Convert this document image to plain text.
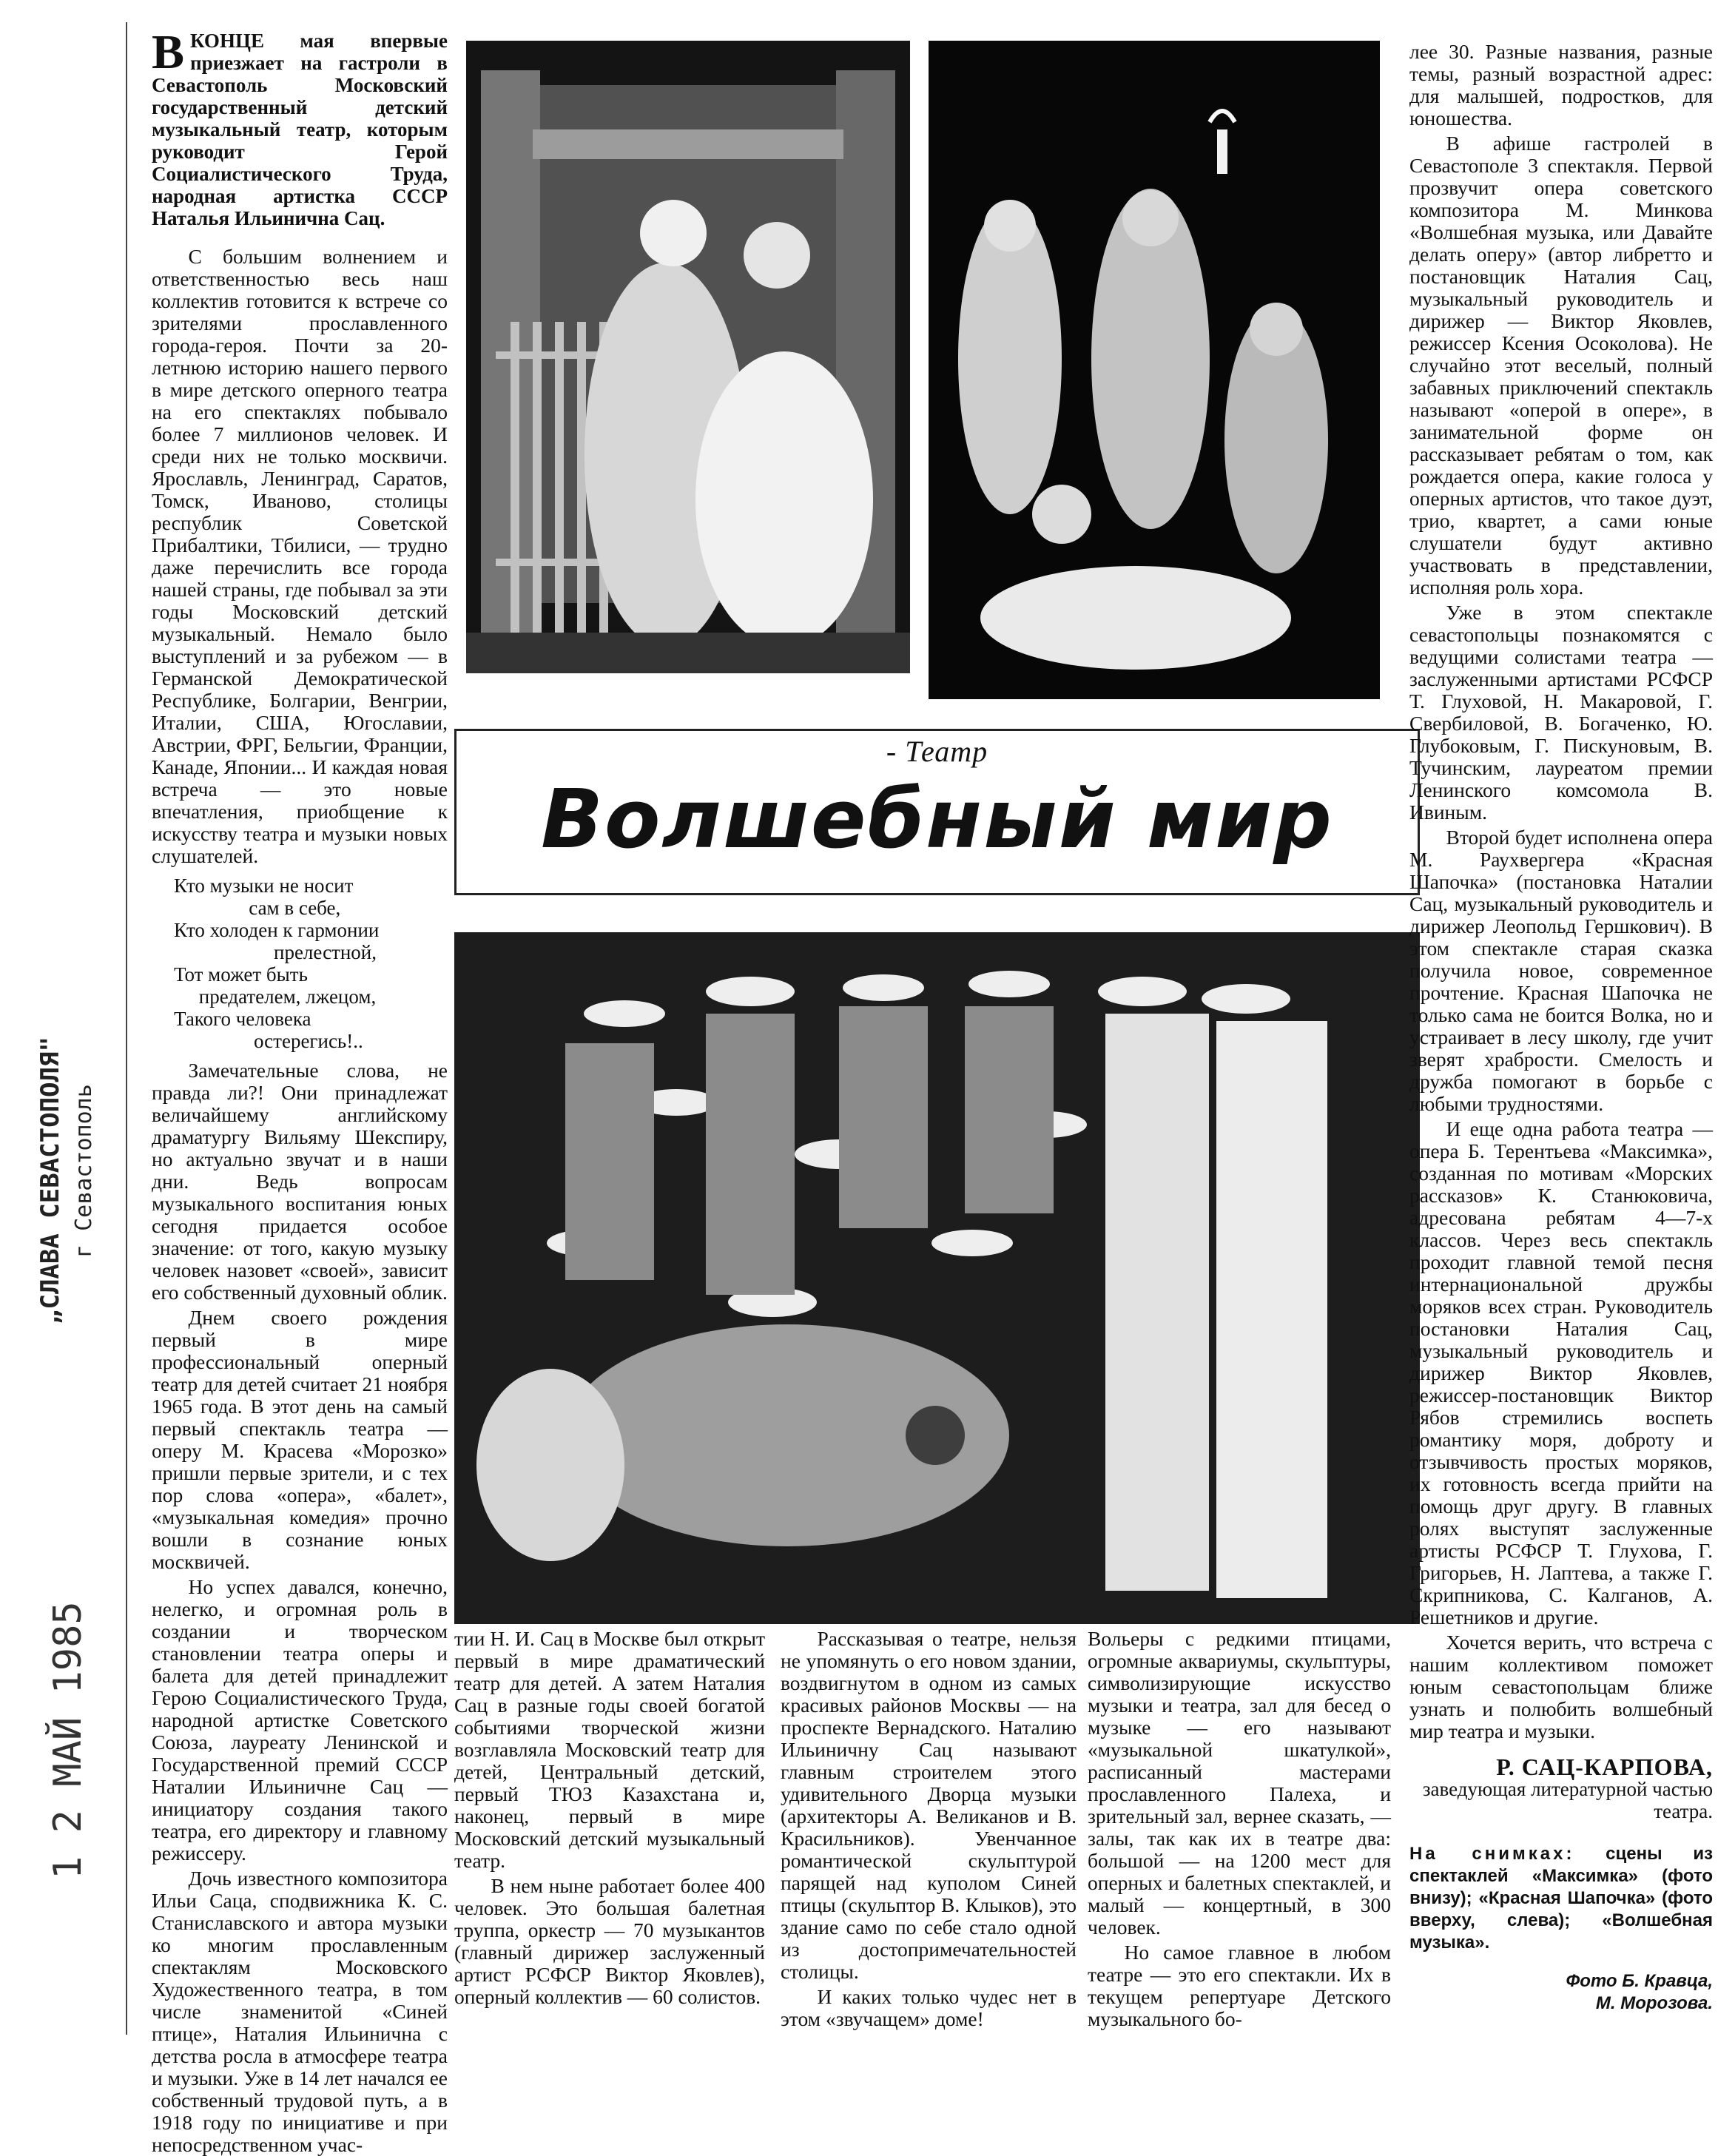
„СЛАВА СЕВАСТОПОЛЯ" г Севастополь
1 2 МАЙ 1985

ВКОНЦЕ мая впервые приезжает на гастроли в Севастополь Московский государственный детский музыкальный театр, которым руководит Герой Социалистического Труда, народная артистка СССР Наталья Ильинична Сац.

С большим волнением и ответственностью весь наш коллектив готовится к встрече со зрителями прославленного города-героя. Почти за 20-летнюю историю нашего первого в мире детского оперного театра на его спектаклях побывало более 7 миллионов человек. И среди них не только москвичи. Ярославль, Ленинград, Саратов, Томск, Иваново, столицы республик Советской Прибалтики, Тбилиси, — трудно даже перечислить все города нашей страны, где побывал за эти годы Московский детский музыкальный. Немало было выступлений и за рубежом — в Германской Демократической Республике, Болгарии, Венгрии, Италии, США, Югославии, Австрии, ФРГ, Бельгии, Франции, Канаде, Японии... И каждая новая встреча — это новые впечатления, приобщение к искусству театра и музыки новых слушателей.

Кто музыки не носит
сам в себе,
Кто холоден к гармонии
прелестной,
Тот может быть
предателем, лжецом,
Такого человека
остерегись!..

Замечательные слова, не правда ли?! Они принадлежат величайшему английскому драматургу Вильяму Шекспиру, но актуально звучат и в наши дни. Ведь вопросам музыкального воспитания юных сегодня придается особое значение: от того, какую музыку человек назовет «своей», зависит его собственный духовный облик.

Днем своего рождения первый в мире профессиональный оперный театр для детей считает 21 ноября 1965 года. В этот день на самый первый спектакль театра — оперу М. Красева «Морозко» пришли первые зрители, и с тех пор слова «опера», «балет», «музыкальная комедия» прочно вошли в сознание юных москвичей.

Но успех давался, конечно, нелегко, и огромная роль в создании и творческом становлении театра оперы и балета для детей принадлежит Герою Социалистического Труда, народной артистке Советского Союза, лауреату Ленинской и Государственной премий СССР Наталии Ильиничне Сац — инициатору создания такого театра, его директору и главному режиссеру.

Дочь известного композитора Ильи Саца, сподвижника К. С. Станиславского и автора музыки ко многим прославленным спектаклям Московского Художественного театра, в том числе знаменитой «Синей птице», Наталия Ильинична с детства росла в атмосфере театра и музыки. Уже в 14 лет начался ее собственный трудовой путь, а в 1918 году по инициативе и при непосредственном учас-

- Театр
Волшебный мир

тии Н. И. Сац в Москве был открыт первый в мире драматический театр для детей. А затем Наталия Сац в разные годы своей богатой событиями творческой жизни возглавляла Московский театр для детей, Центральный детский, первый ТЮЗ Казахстана и, наконец, первый в мире Московский детский музыкальный театр.

В нем ныне работает более 400 человек. Это большая балетная труппа, оркестр — 70 музыкантов (главный дирижер заслуженный артист РСФСР Виктор Яковлев), оперный коллектив — 60 солистов.

Рассказывая о театре, нельзя не упомянуть о его новом здании, воздвигнутом в одном из самых красивых районов Москвы — на проспекте Вернадского. Наталию Ильиничну Сац называют главным строителем этого удивительного Дворца музыки (архитекторы А. Великанов и В. Красильников). Увенчанное романтической скульптурой парящей над куполом Синей птицы (скульптор В. Клыков), это здание само по себе стало одной из достопримечательностей столицы.

И каких только чудес нет в этом «звучащем» доме!

Вольеры с редкими птицами, огромные аквариумы, скульптуры, символизирующие искусство музыки и театра, зал для бесед о музыке — его называют «музыкальной шкатулкой», расписанный мастерами прославленного Палеха, и зрительный зал, вернее сказать, — залы, так как их в театре два: большой — на 1200 мест для оперных и балетных спектаклей, и малый — концертный, в 300 человек.

Но самое главное в любом театре — это его спектакли. Их в текущем репертуаре Детского музыкального бо-

лее 30. Разные названия, разные темы, разный возрастной адрес: для малышей, подростков, для юношества.

В афише гастролей в Севастополе 3 спектакля. Первой прозвучит опера советского композитора М. Минкова «Волшебная музыка, или Давайте делать оперу» (автор либретто и постановщик Наталия Сац, музыкальный руководитель и дирижер — Виктор Яковлев, режиссер Ксения Осоколова). Не случайно этот веселый, полный забавных приключений спектакль называют «оперой в опере», в занимательной форме он рассказывает ребятам о том, как рождается опера, какие голоса у оперных артистов, что такое дуэт, трио, квартет, а сами юные слушатели будут активно участвовать в представлении, исполняя роль хора.

Уже в этом спектакле севастопольцы познакомятся с ведущими солистами театра — заслуженными артистами РСФСР Т. Глуховой, Н. Макаровой, Г. Свербиловой, В. Богаченко, Ю. Глубоковым, Г. Пискуновым, В. Тучинским, лауреатом премии Ленинского комсомола В. Ивиным.

Второй будет исполнена опера М. Раухвергера «Красная Шапочка» (постановка Наталии Сац, музыкальный руководитель и дирижер Леопольд Гершкович). В этом спектакле старая сказка получила новое, современное прочтение. Красная Шапочка не только сама не боится Волка, но и устраивает в лесу школу, где учит зверят храбрости. Смелость и дружба помогают в борьбе с любыми трудностями.

И еще одна работа театра — опера Б. Терентьева «Максимка», созданная по мотивам «Морских рассказов» К. Станюковича, адресована ребятам 4—7-х классов. Через весь спектакль проходит главной темой песня интернациональной дружбы моряков всех стран. Руководитель постановки Наталия Сац, музыкальный руководитель и дирижер Виктор Яковлев, режиссер-постановщик Виктор Рябов стремились воспеть романтику моря, доброту и отзывчивость простых моряков, их готовность всегда прийти на помощь друг другу. В главных ролях выступят заслуженные артисты РСФСР Т. Глухова, Г. Григорьев, Н. Лаптева, а также Г. Скрипникова, С. Калганов, А. Решетников и другие.

Хочется верить, что встреча с нашим коллективом поможет юным севастопольцам ближе узнать и полюбить волшебный мир театра и музыки.

Р. САЦ-КАРПОВА,
заведующая литературной частью театра.
На снимках: сцены из спектаклей «Максимка» (фото внизу); «Красная Шапочка» (фото вверху, слева); «Волшебная музыка».
Фото Б. Кравца,
М. Морозова.
